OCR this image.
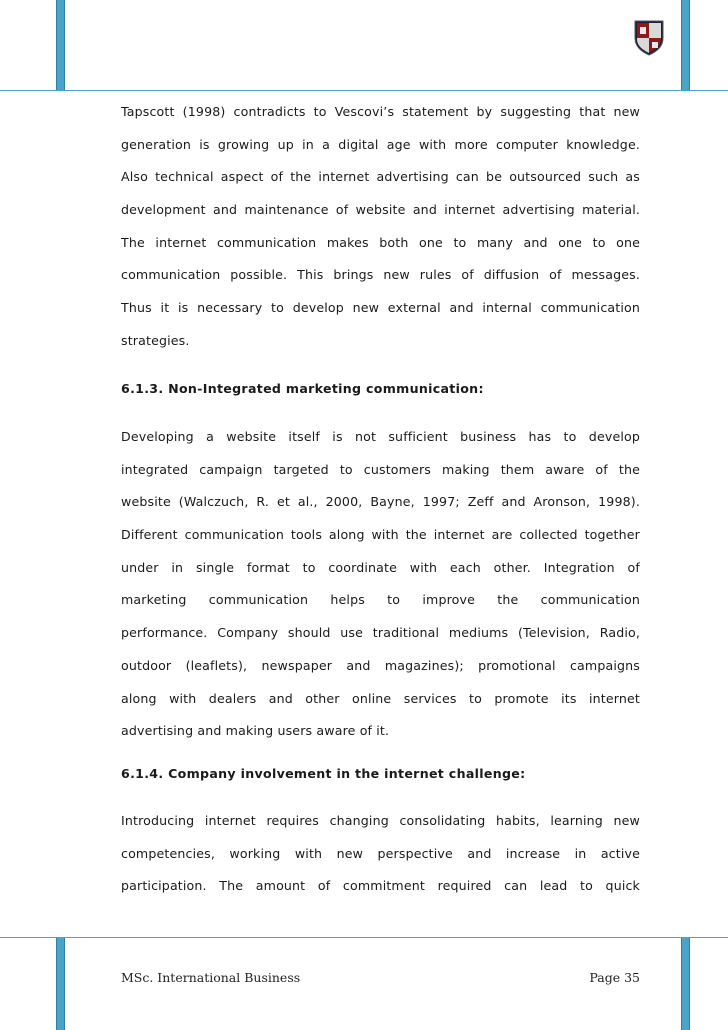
Tapscott (1998) contradicts to Vescovi’s statement by suggesting that new

generation is growing up in a digital age with more computer knowledge.

Also technical aspect of the internet advertising can be outsourced such as

development and maintenance of website and internet advertising material.

The internet communication makes both one to many and one to one

communication possible. This brings new rules of diffusion of messages.

Thus it is necessary to develop new external and internal communication

strategies.

6.1.3. Non-Integrated marketing communication:

Developing a website itself is not sufficient business has to develop

integrated campaign targeted to customers making them aware of the

website (Walczuch, R. et al., 2000, Bayne, 1997; Zeff and Aronson, 1998).

Different communication tools along with the internet are collected together

under in single format to coordinate with each other. Integration of

marketing communication helps to improve the communication

performance. Company should use traditional mediums (Television, Radio,

outdoor (leaflets), newspaper and magazines); promotional campaigns

along with dealers and other online services to promote its internet

advertising and making users aware of it.

6.1.4. Company involvement in the internet challenge:

Introducing internet requires changing consolidating habits, learning new

competencies, working with new perspective and increase in active

participation. The amount of commitment required can lead to quick

MSc. International Business	Page 35
